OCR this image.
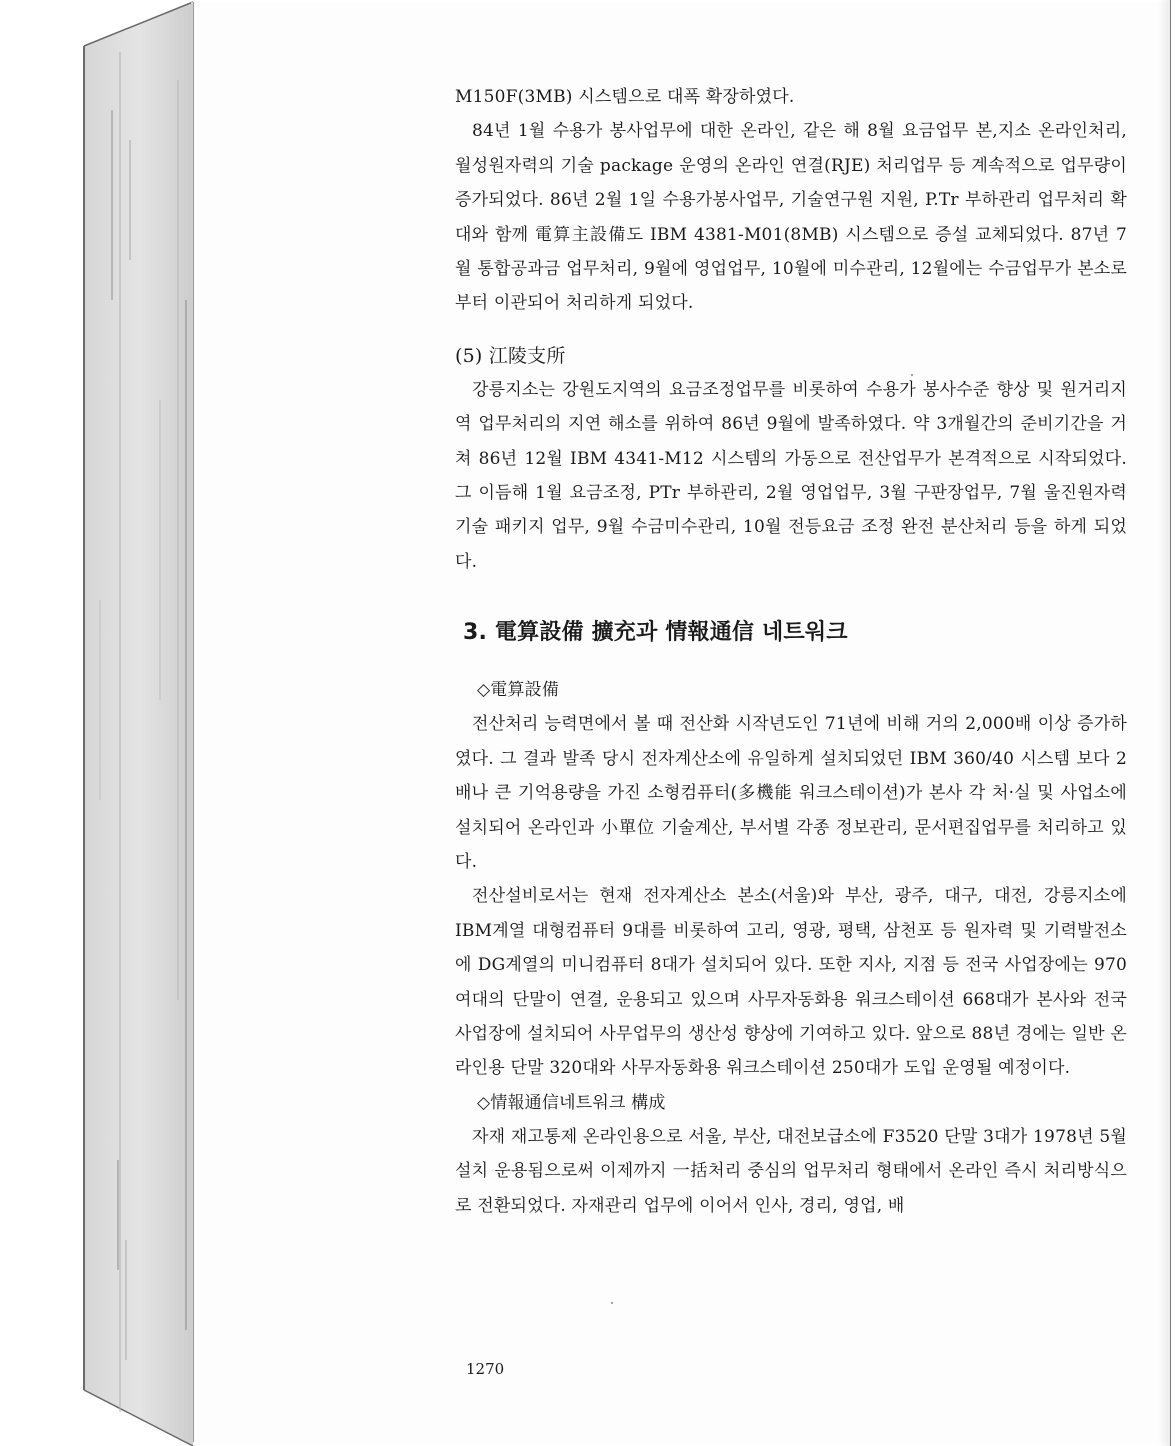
M150F(3MB) 시스템으로 대폭 확장하였다.

84년 1월 수용가 봉사업무에 대한 온라인, 같은 해 8월 요금업무 본,지소 온라인처리, 월성원자력의 기술 package 운영의 온라인 연결(RJE) 처리업무 등 계속적으로 업무량이 증가되었다. 86년 2월 1일 수용가봉사업무, 기술연구원 지원, P.Tr 부하관리 업무처리 확대와 함께 電算主設備도 IBM 4381-M01(8MB) 시스템으로 증설 교체되었다. 87년 7월 통합공과금 업무처리, 9월에 영업업무, 10월에 미수관리, 12월에는 수금업무가 본소로부터 이관되어 처리하게 되었다.

(5) 江陵支所

강릉지소는 강원도지역의 요금조정업무를 비롯하여 수용가 봉사수준 향상 및 원거리지역 업무처리의 지연 해소를 위하여 86년 9월에 발족하였다. 약 3개월간의 준비기간을 거쳐 86년 12월 IBM 4341-M12 시스템의 가동으로 전산업무가 본격적으로 시작되었다. 그 이듬해 1월 요금조정, PTr 부하관리, 2월 영업업무, 3월 구판장업무, 7월 울진원자력 기술 패키지 업무, 9월 수금미수관리, 10월 전등요금 조정 완전 분산처리 등을 하게 되었다.

3. 電算設備 擴充과 情報通信 네트워크

◇電算設備

전산처리 능력면에서 볼 때 전산화 시작년도인 71년에 비해 거의 2,000배 이상 증가하였다. 그 결과 발족 당시 전자계산소에 유일하게 설치되었던 IBM 360/40 시스템 보다 2배나 큰 기억용량을 가진 소형컴퓨터(多機能 워크스테이션)가 본사 각 처·실 및 사업소에 설치되어 온라인과 小單位 기술계산, 부서별 각종 정보관리, 문서편집업무를 처리하고 있다.

전산설비로서는 현재 전자계산소 본소(서울)와 부산, 광주, 대구, 대전, 강릉지소에 IBM계열 대형컴퓨터 9대를 비롯하여 고리, 영광, 평택, 삼천포 등 원자력 및 기력발전소에 DG계열의 미니컴퓨터 8대가 설치되어 있다. 또한 지사, 지점 등 전국 사업장에는 970여대의 단말이 연결, 운용되고 있으며 사무자동화용 워크스테이션 668대가 본사와 전국 사업장에 설치되어 사무업무의 생산성 향상에 기여하고 있다. 앞으로 88년 경에는 일반 온라인용 단말 320대와 사무자동화용 워크스테이션 250대가 도입 운영될 예정이다.

◇情報通信네트워크 構成

자재 재고통제 온라인용으로 서울, 부산, 대전보급소에 F3520 단말 3대가 1978년 5월 설치 운용됨으로써 이제까지 一括처리 중심의 업무처리 형태에서 온라인 즉시 처리방식으로 전환되었다. 자재관리 업무에 이어서 인사, 경리, 영업, 배

1270
